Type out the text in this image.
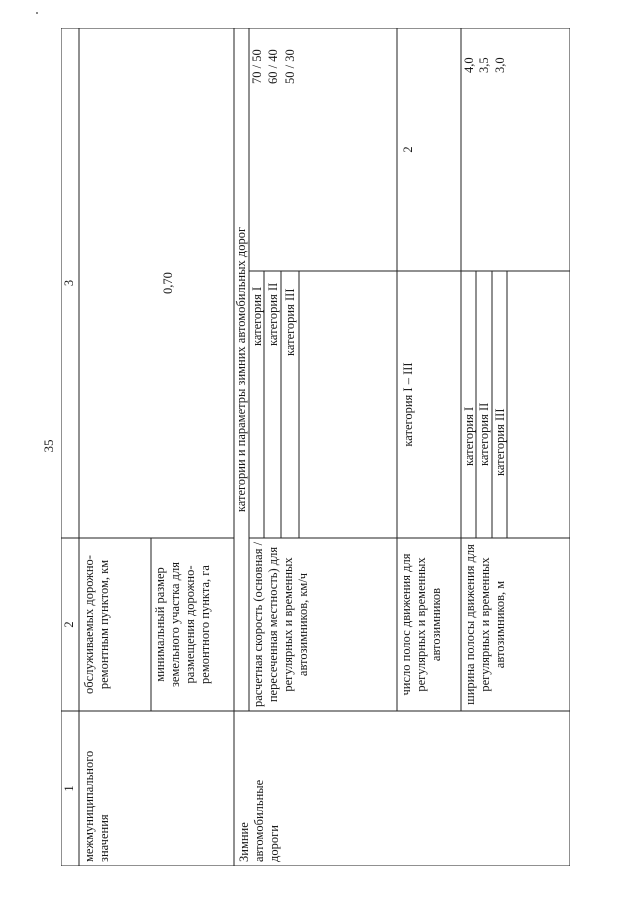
35
1
2
3
межмуниципального значения
обслуживаемых дорожно-ремонтным пунктом, км	минимальный размер земельного участка для размещения дорожно-ремонтного пункта, га
0,70
Зимние автомобильные дороги
категории и параметры зимних автомобильных дорог
расчетная скорость (основная / пересеченная местность) для регулярных и временных автозимников, км/ч
категория I категория II категория III
70 / 50 60 / 40 50 / 30
число полос движения для регулярных и временных автозимников
категория I – III
2
ширина полосы движения для регулярных и временных автозимников, м
категория I категория II категория III
4,0 3,5 3,0
